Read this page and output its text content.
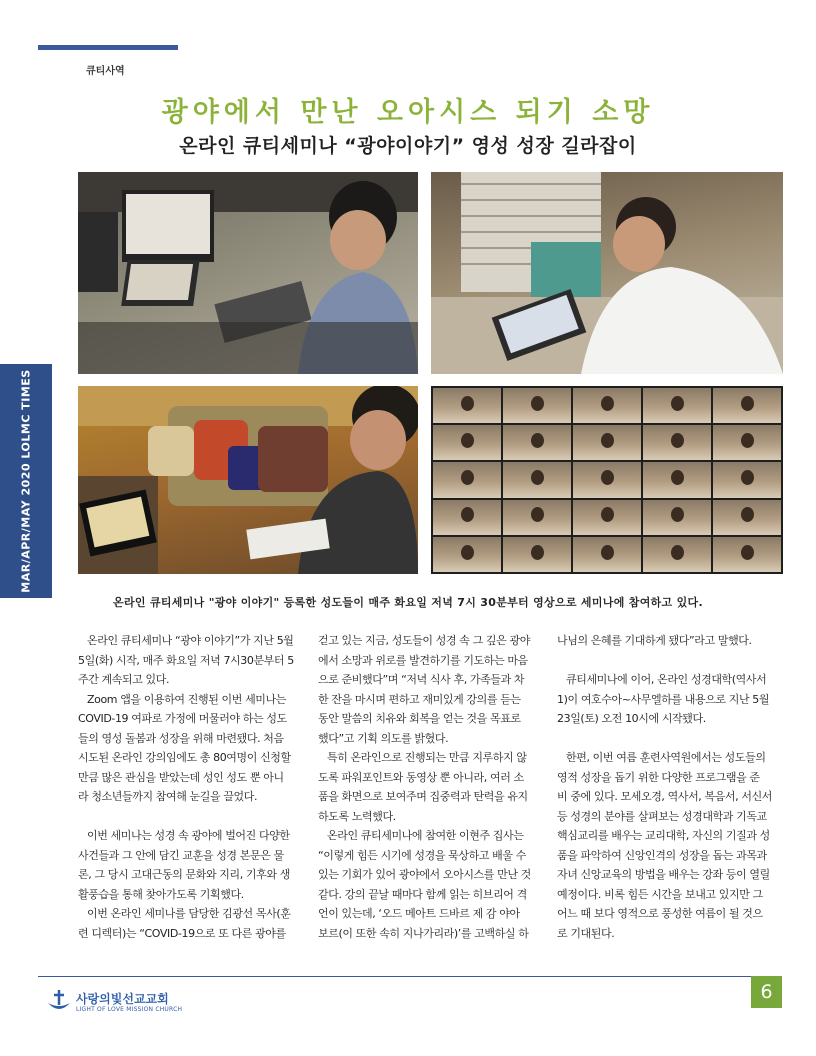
큐티사역
MAR/APR/MAY 2020 LOLMC TIMES
광야에서 만난 오아시스 되기 소망
온라인 큐티세미나 “광야이야기” 영성 성장 길라잡이
온라인 큐티세미나 "광야 이야기" 등록한 성도들이 매주 화요일 저녁 7시 30분부터 영상으로 세미나에 참여하고 있다.

온라인 큐티세미나 “광야 이야기”가 지난 5월

5일(화) 시작, 매주 화요일 저녁 7시30분부터 5

주간 계속되고 있다.

Zoom 앱을 이용하여 진행된 이번 세미나는

COVID-19 여파로 가정에 머물러야 하는 성도

들의 영성 돌봄과 성장을 위해 마련됐다. 처음

시도된 온라인 강의임에도 총 80여명이 신청할

만큼 많은 관심을 받았는데 성인 성도 뿐 아니

라 청소년들까지 참여해 눈길을 끌었다.

이번 세미나는 성경 속 광야에 벌어진 다양한

사건들과 그 안에 담긴 교훈을 성경 본문은 물

론, 그 당시 고대근동의 문화와 지리, 기후와 생

활풍습을 통해 찾아가도록 기획했다.

이번 온라인 세미나를 담당한 김광선 목사(훈

련 디렉터)는 “COVID-19으로 또 다른 광야를

걷고 있는 지금, 성도들이 성경 속 그 깊은 광야

에서 소망과 위로를 발견하기를 기도하는 마음

으로 준비했다”며 “저녁 식사 후, 가족들과 차

한 잔을 마시며 편하고 재미있게 강의를 듣는

동안 말씀의 치유와 회복을 얻는 것을 목표로

했다”고 기획 의도를 밝혔다.

특히 온라인으로 진행되는 만큼 지루하지 않

도록 파워포인트와 동영상 뿐 아니라, 여러 소

품을 화면으로 보여주며 집중력과 탄력을 유지

하도록 노력했다.

온라인 큐티세미나에 참여한 이현주 집사는

“이렇게 힘든 시기에 성경을 묵상하고 배울 수

있는 기회가 있어 광야에서 오아시스를 만난 것

같다. 강의 끝날 때마다 함께 읽는 히브리어 격

언이 있는데, ‘오드 메아트 드바르 제 감 야아

보르(이 또한 속히 지나가리라)’를 고백하실 하

나님의 은혜를 기대하게 됐다”라고 말했다.

큐티세미나에 이어, 온라인 성경대학(역사서

1)이 여호수아~사무엘하를 내용으로 지난 5월

23일(토) 오전 10시에 시작됐다.

한편, 이번 여름 훈련사역원에서는 성도들의

영적 성장을 돕기 위한 다양한 프로그램을 준

비 중에 있다. 모세오경, 역사서, 복음서, 서신서

등 성경의 분야를 살펴보는 성경대학과 기독교

핵심교리를 배우는 교리대학, 자신의 기질과 성

품을 파악하여 신앙인격의 성장을 돕는 과목과

자녀 신앙교육의 방법을 배우는 강좌 등이 열릴

예정이다. 비록 힘든 시간을 보내고 있지만 그

어느 때 보다 영적으로 풍성한 여름이 될 것으

로 기대된다.

사랑의빛선교교회
LIGHT OF LOVE MISSION CHURCH
6
